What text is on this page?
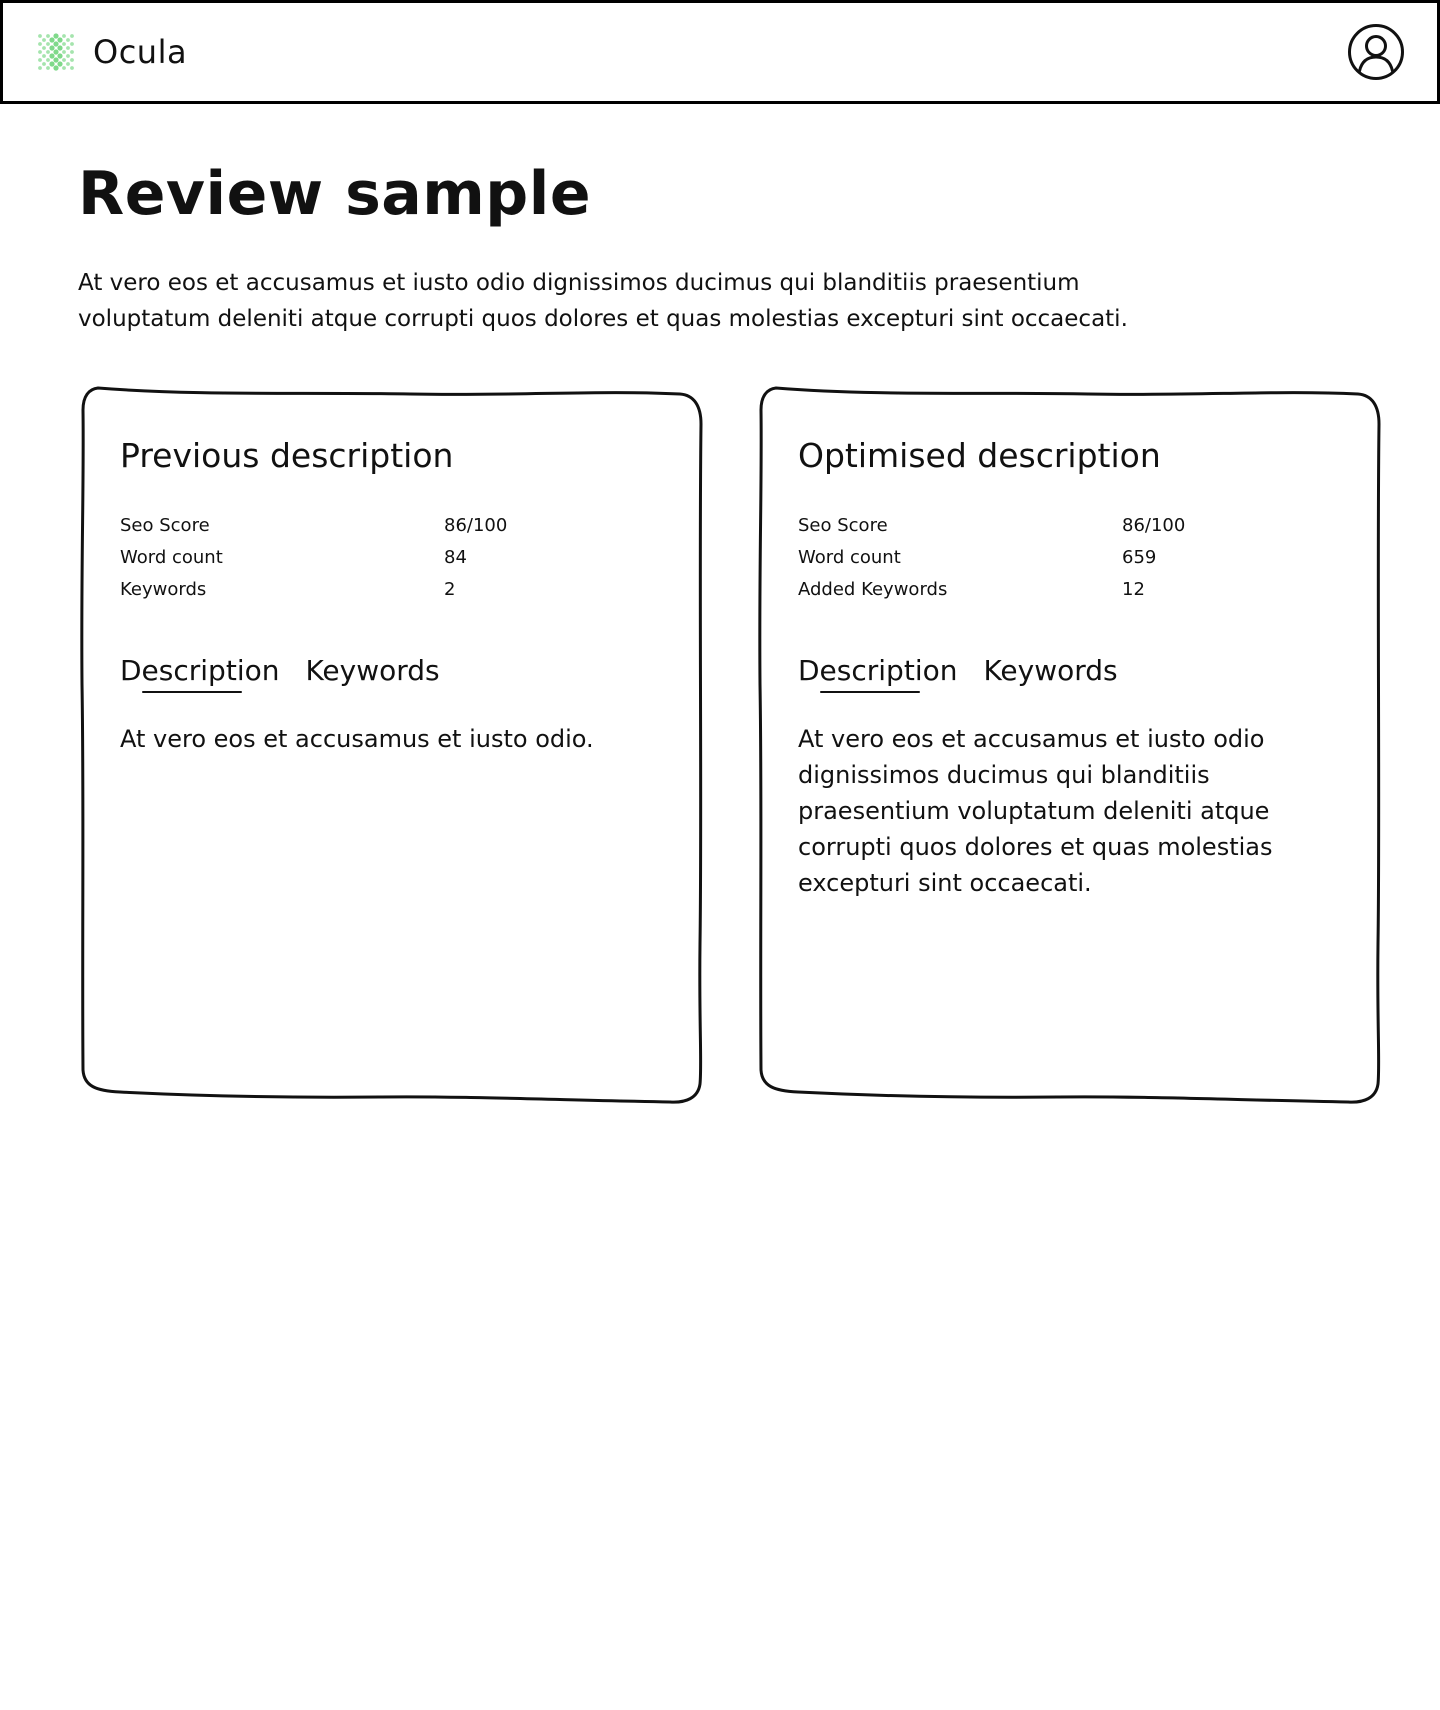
Ocula
Review sample

At vero eos et accusamus et iusto odio dignissimos ducimus qui blanditiis praesentium voluptatum deleniti atque corrupti quos dolores et quas molestias excepturi sint occaecati.

Previous description
Seo Score	86/100
Word count	84
Keywords	2
Description Keywords

At vero eos et accusamus et iusto odio.

Optimised description
Seo Score	86/100
Word count	659
Added Keywords	12
Description Keywords

At vero eos et accusamus et iusto odio dignissimos ducimus qui blanditiis praesentium voluptatum deleniti atque corrupti quos dolores et quas molestias excepturi sint occaecati.
